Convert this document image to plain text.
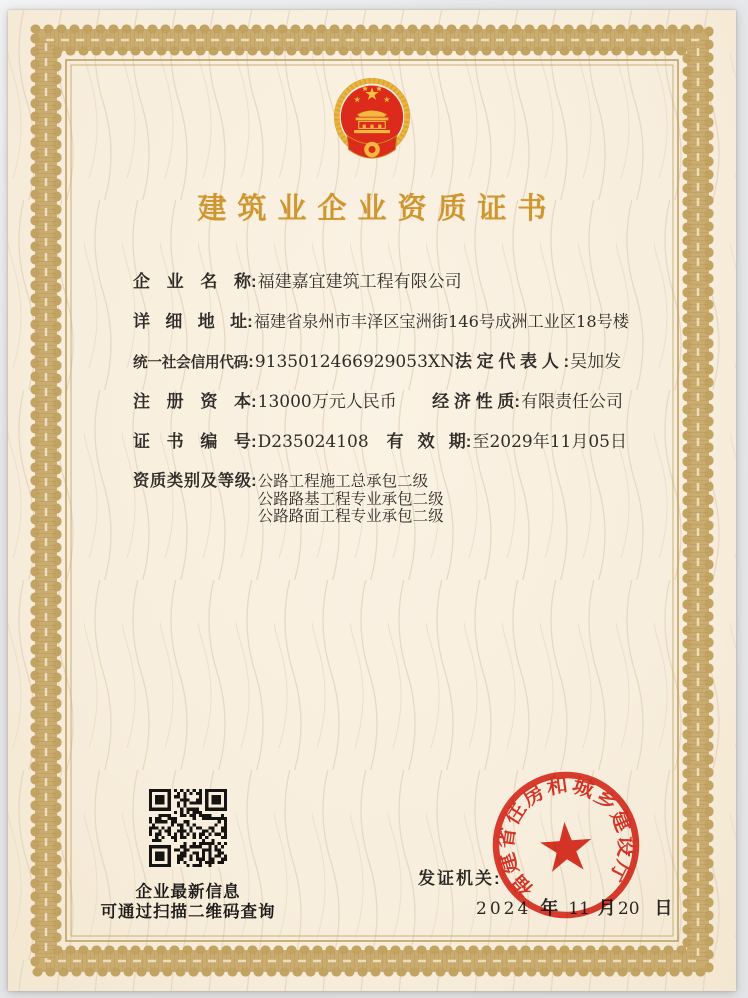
建筑业企业资质证书
企业名称 : 福建嘉宜建筑工程有限公司
详细地址 : 福建省泉州市丰泽区宝洲街146号成洲工业区18号楼
统一社会信用代码 : 9135012466929053XN 法 定 代 表 人 : 吴加发
注册资本 : 13000万元人民币 经 济 性 质 : 有限责任公司
证书编号 : D235024108 有   效   期 : 至2029年11月05日
资质类别及等级 : 公路工程施工总承包二级
公路路基工程专业承包二级
公路路面工程专业承包二级
企业最新信息
可通过扫描二维码查询
发证机关:
2024 年 11 月 20 日
福建省住房和城乡建设厅
